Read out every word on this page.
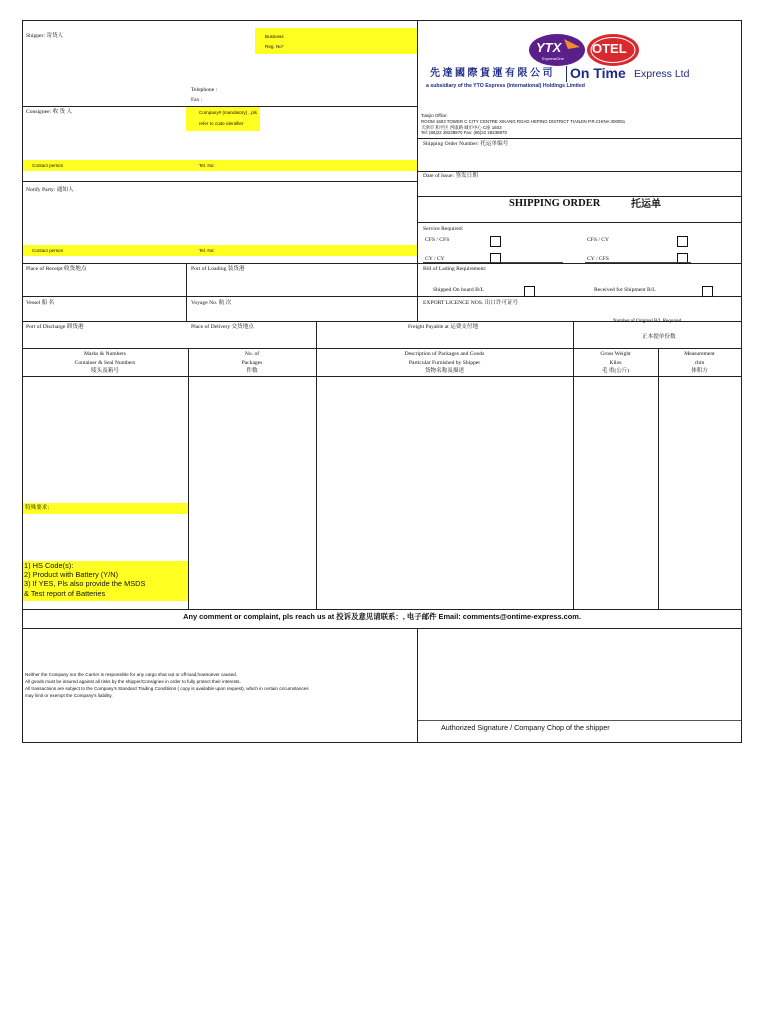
Shipper: 寄货人	Business
Reg. No*
Telephone :
Fax :
YTX
ExpressOne
OTEL
先 達 國 際 貨 運 有 限 公 司 On Time Express Ltd
a subsidiary of the YTO Express (International) Holdings Limited
Tianjin Office:
ROOM 1603 TOWER C CITY CENTRE XIKANG ROAD HEPING DISTRICT TIANJIN P.R.CHINA 300051
天津市 和平区 西康路 城市中心 C座 1603
Tel: (86)22 28238970 Fax: (86)22 28238970
Consignee: 收 货 人	Company# (mandatory) , pls
refer to code identifier
Contact person	Tel. No:
Shipping Order Number: 托运单编号
Date of Issue: 签发日期
SHIPPING ORDER	托运单
Notify Party: 通知人
Contact person	Tel. No:
Service Required:
CFS / CFS	CFS / CY
CY / CY	CY / CFS
Place of Receipt 收货地点	Port of Loading 装货港	Bill of Lading Requirement:
Shipped On board B/L	Received for Shipment B/L
Vessel 船 名	Voyage No. 航 次	EXPORT LICENCE NOS. 出口许可证号
Port of Discharge 卸货港	Place of Delivery 交货地点	Freight Payable at 运费支付地
Number of Original B/L Required
正本提单份数
Marks & Numbers
Container & Seal Numbers
唛头及箱号
No. of
Packages
件数
Description of Packages and Goods
Particular Furnished by Shipper
货物名称及描述
Gross Weight
Kilos
毛 重(公斤)
Measurement
cbm
体积方
特殊要求：
1) HS Code(s):
2) Product with Battery (Y/N)
3) If YES, Pls also provide the MSDS
& Test report of Batteries
Any comment or complaint, pls reach us at 投诉及意见请联系：, 电子邮件 Email: comments@ontime-express.com.
Neither the Company nor the Carrier is responsible for any cargo shut out or off-load,howsoever caused.
All goods must be insured against all risks by the shipper/Consignee in order to fully protect their interests.
All transactions are subject to the Company's Standard Trading Conditions ( copy is available upon request), which in certain circumstances
may limit or exempt the Company's liability.
Authorized Signature / Company Chop of the shipper
